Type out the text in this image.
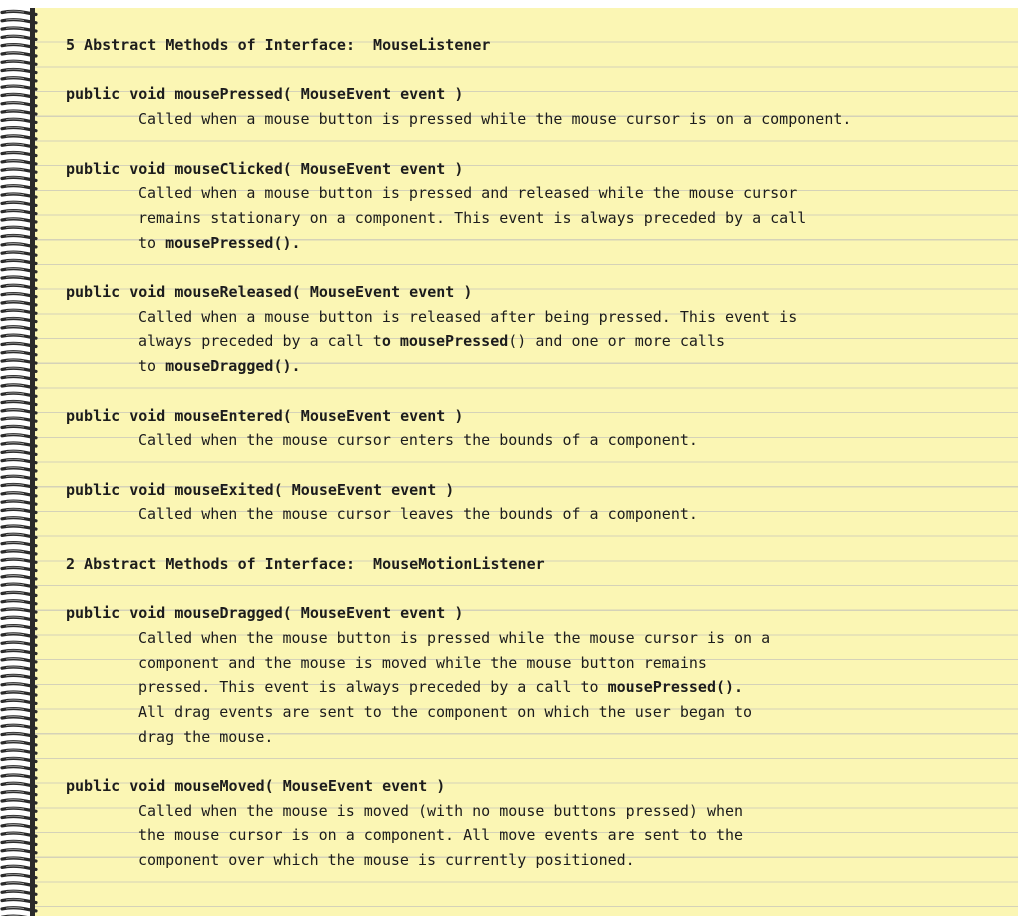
5 Abstract Methods of Interface:  MouseListener
public void mousePressed( MouseEvent event )
Called when a mouse button is pressed while the mouse cursor is on a component.
public void mouseClicked( MouseEvent event )
Called when a mouse button is pressed and released while the mouse cursor
remains stationary on a component. This event is always preceded by a call
to mousePressed().
public void mouseReleased( MouseEvent event )
Called when a mouse button is released after being pressed. This event is
always preceded by a call to mousePressed() and one or more calls
to mouseDragged().
public void mouseEntered( MouseEvent event )
Called when the mouse cursor enters the bounds of a component.
public void mouseExited( MouseEvent event )
Called when the mouse cursor leaves the bounds of a component.
2 Abstract Methods of Interface:  MouseMotionListener
public void mouseDragged( MouseEvent event )
Called when the mouse button is pressed while the mouse cursor is on a
component and the mouse is moved while the mouse button remains
pressed. This event is always preceded by a call to mousePressed().
All drag events are sent to the component on which the user began to
drag the mouse.
public void mouseMoved( MouseEvent event )
Called when the mouse is moved (with no mouse buttons pressed) when
the mouse cursor is on a component. All move events are sent to the
component over which the mouse is currently positioned.
